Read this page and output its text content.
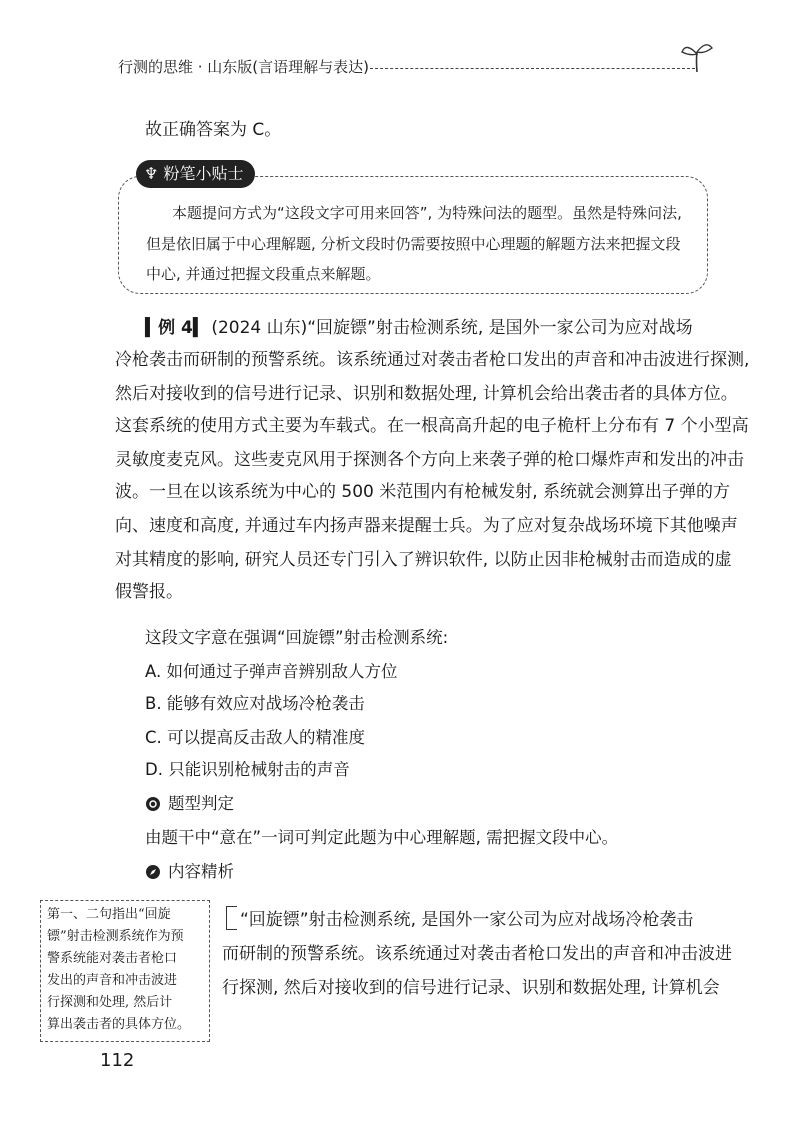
行测的思维 · 山东版(言语理解与表达)
故正确答案为 C。
♆ 粉笔小贴士
本题提问方式为“这段文字可用来回答”, 为特殊问法的题型。虽然是特殊问法,
但是依旧属于中心理解题, 分析文段时仍需要按照中心理题的解题方法来把握文段
中心, 并通过把握文段重点来解题。
▍例 4▍ (2024 山东)“回旋镖”射击检测系统, 是国外一家公司为应对战场
冷枪袭击而研制的预警系统。该系统通过对袭击者枪口发出的声音和冲击波进行探测,
然后对接收到的信号进行记录、识别和数据处理, 计算机会给出袭击者的具体方位。
这套系统的使用方式主要为车载式。在一根高高升起的电子桅杆上分布有 7 个小型高
灵敏度麦克风。这些麦克风用于探测各个方向上来袭子弹的枪口爆炸声和发出的冲击
波。一旦在以该系统为中心的 500 米范围内有枪械发射, 系统就会测算出子弹的方
向、速度和高度, 并通过车内扬声器来提醒士兵。为了应对复杂战场环境下其他噪声
对其精度的影响, 研究人员还专门引入了辨识软件, 以防止因非枪械射击而造成的虚
假警报。
这段文字意在强调“回旋镖”射击检测系统:
A. 如何通过子弹声音辨别敌人方位
B. 能够有效应对战场冷枪袭击
C. 可以提高反击敌人的精准度
D. 只能识别枪械射击的声音
题型判定
由题干中“意在”一词可判定此题为中心理解题, 需把握文段中心。
内容精析
第一、二句指出“回旋
镖”射击检测系统作为预
警系统能对袭击者枪口
发出的声音和冲击波进
行探测和处理, 然后计
算出袭击者的具体方位。
“回旋镖”射击检测系统, 是国外一家公司为应对战场冷枪袭击
而研制的预警系统。该系统通过对袭击者枪口发出的声音和冲击波进
行探测, 然后对接收到的信号进行记录、识别和数据处理, 计算机会
112
